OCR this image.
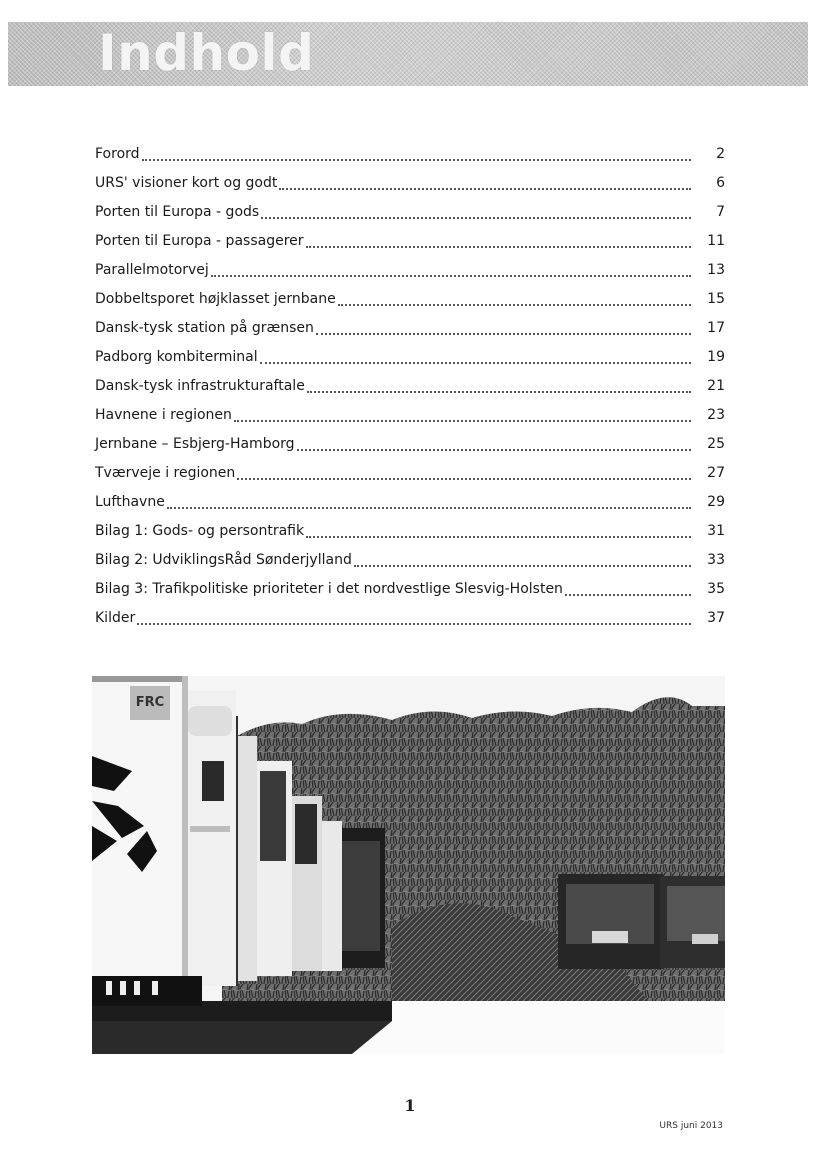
Indhold
Forord	2
URS' visioner kort og godt	6
Porten til Europa - gods	7
Porten til Europa - passagerer	11
Parallelmotorvej	13
Dobbeltsporet højklasset jernbane	15
Dansk-tysk station på grænsen	17
Padborg kombiterminal	19
Dansk-tysk infrastrukturaftale	21
Havnene i regionen	23
Jernbane – Esbjerg-Hamborg	25
Tværveje i regionen	27
Lufthavne	29
Bilag 1: Gods- og persontrafik	31
Bilag 2: UdviklingsRåd Sønderjylland	33
Bilag 3: Trafikpolitiske prioriteter i det nordvestlige Slesvig-Holsten	35
Kilder	37
FRC
1
URS juni 2013
